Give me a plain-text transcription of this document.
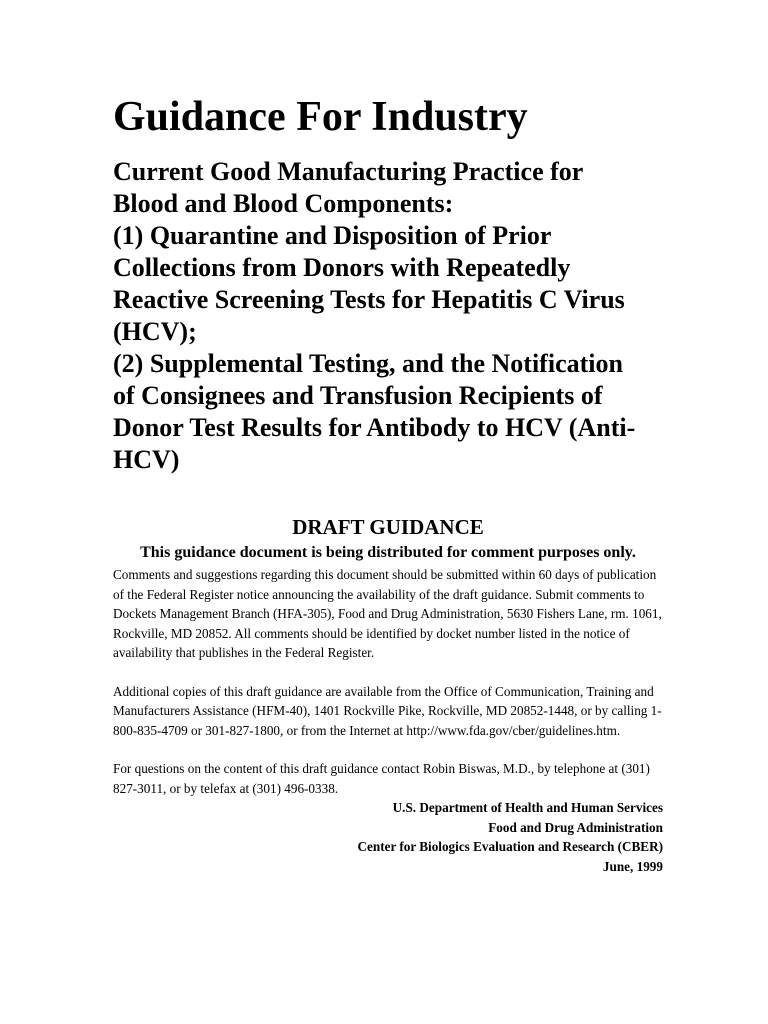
Guidance For Industry
Current Good Manufacturing Practice for
Blood and Blood Components:
(1) Quarantine and Disposition of Prior
Collections from Donors with Repeatedly
Reactive Screening Tests for Hepatitis C Virus
(HCV);
(2) Supplemental Testing, and the Notification
of Consignees and Transfusion Recipients of
Donor Test Results for Antibody to HCV (Anti-
HCV)
DRAFT GUIDANCE
This guidance document is being distributed for comment purposes only.

Comments and suggestions regarding this document should be submitted within 60 days of publication of the Federal Register notice announcing the availability of the draft guidance. Submit comments to Dockets Management Branch (HFA-305), Food and Drug Administration, 5630 Fishers Lane, rm. 1061, Rockville, MD 20852. All comments should be identified by docket number listed in the notice of availability that publishes in the Federal Register.

Additional copies of this draft guidance are available from the Office of Communication, Training and Manufacturers Assistance (HFM-40), 1401 Rockville Pike, Rockville, MD 20852-1448, or by calling 1-800-835-4709 or 301-827-1800, or from the Internet at http://www.fda.gov/cber/guidelines.htm.

For questions on the content of this draft guidance contact Robin Biswas, M.D., by telephone at (301) 827-3011, or by telefax at (301) 496-0338.

U.S. Department of Health and Human Services
Food and Drug Administration
Center for Biologics Evaluation and Research (CBER)
June, 1999
